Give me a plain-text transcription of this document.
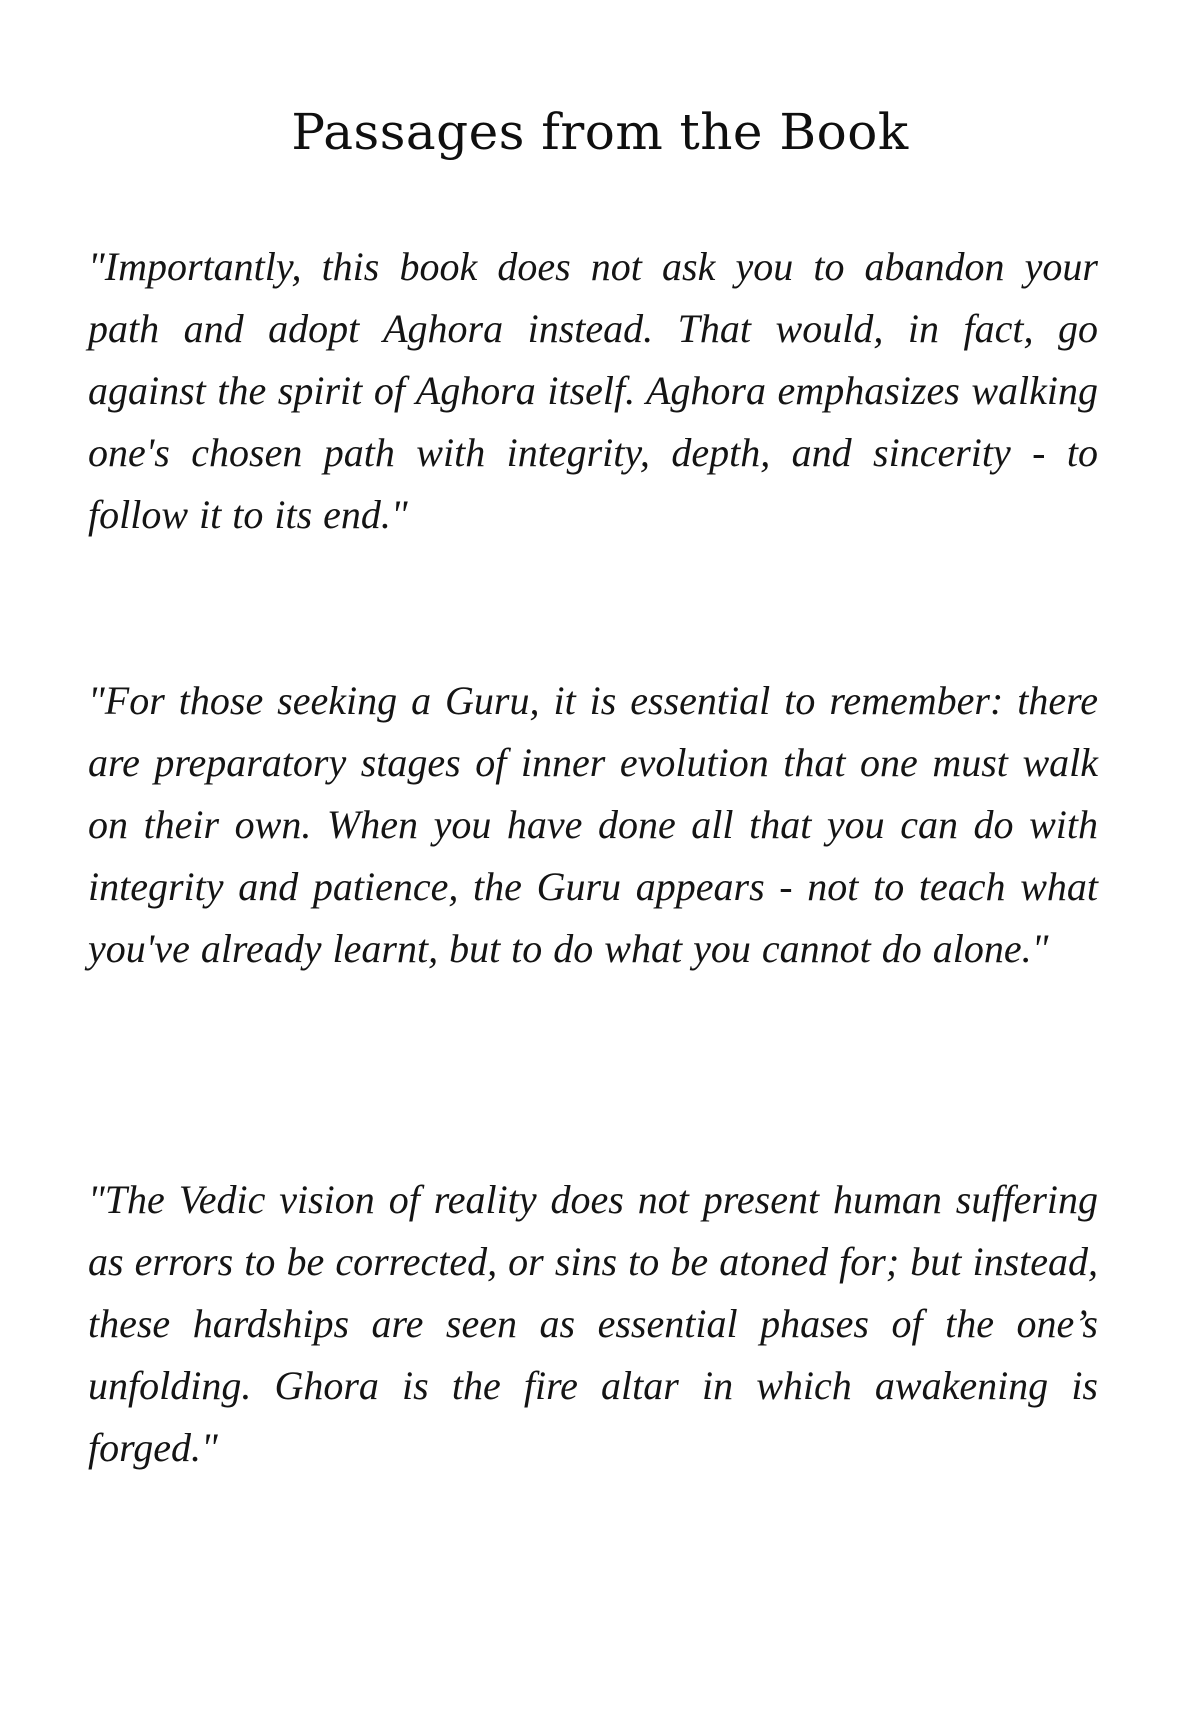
Passages from the Book

"Importantly, this book does not ask you to abandon your path and adopt Aghora instead. That would, in fact, go against the spirit of Aghora itself. Aghora emphasizes walking one's chosen path with integrity, depth, and sincerity - to follow it to its end."

"For those seeking a Guru, it is essential to remember: there are preparatory stages of inner evolution that one must walk on their own. When you have done all that you can do with integrity and patience, the Guru appears - not to teach what you've already learnt, but to do what you cannot do alone."

"The Vedic vision of reality does not present human suffering as errors to be corrected, or sins to be atoned for; but instead, these hardships are seen as essential phases of the one’s unfolding. Ghora is the fire altar in which awakening is forged."
